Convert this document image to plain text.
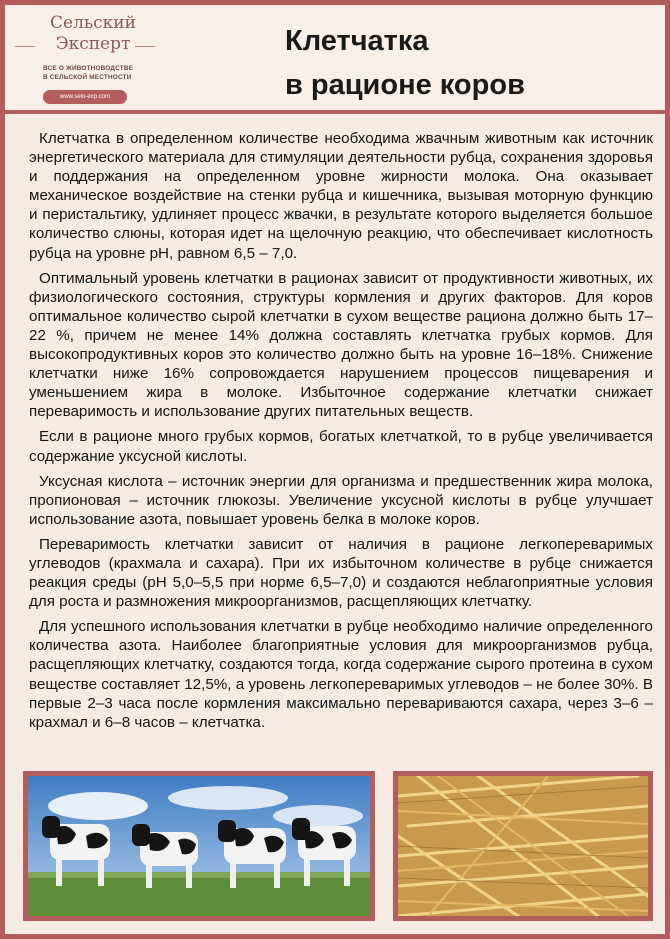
Сельский
Эксперт
ВСЕ О ЖИВОТНОВОДСТВЕ
В СЕЛЬСКОЙ МЕСТНОСТИ
www.selo-exp.com
Клетчатка
в рационе коров

Клетчатка в определенном количестве необходима жвачным животным как источник энергетического материала для стимуляции деятельности рубца, сохранения здоровья и поддержания на определенном уровне жирности молока. Она оказывает механическое воздействие на стенки рубца и кишечника, вызывая моторную функцию и перистальтику, удлиняет процесс жвачки, в результате которого выделяется большое количество слюны, которая идет на щелочную реакцию, что обеспечивает кислотность рубца на уровне рН, равном 6,5 – 7,0.

Оптимальный уровень клетчатки в рационах зависит от продуктивности животных, их физиологического состояния, структуры кормления и других факторов. Для коров оптимальное количество сырой клетчатки в сухом веществе рациона должно быть 17–22 %, причем не менее 14% должна составлять клетчатка грубых кормов. Для высокопродуктивных коров это количество должно быть на уровне 16–18%. Снижение клетчатки ниже 16% сопровождается нарушением процессов пищеварения и уменьшением жира в молоке. Избыточное содержание клетчатки снижает переваримость и использование других питательных веществ.

Если в рационе много грубых кормов, богатых клетчаткой, то в рубце увеличивается содержание уксусной кислоты.

Уксусная кислота – источник энергии для организма и предшественник жира молока, пропионовая – источник глюкозы. Увеличение уксусной кислоты в рубце улучшает использование азота, повышает уровень белка в молоке коров.

Переваримость клетчатки зависит от наличия в рационе легкопереваримых углеводов (крахмала и сахара). При их избыточном количестве в рубце снижается реакция среды (рН 5,0–5,5 при норме 6,5–7,0) и создаются неблагоприятные условия для роста и размножения микроорганизмов, расщепляющих клетчатку.

Для успешного использования клетчатки в рубце необходимо наличие определенного количества азота. Наиболее благоприятные условия для микроорганизмов рубца, расщепляющих клетчатку, создаются тогда, когда содержание сырого протеина в сухом веществе составляет 12,5%, а уровень легкопереваримых углеводов – не более 30%. В первые 2–3 часа после кормления максимально перевариваются сахара, через 3–6 – крахмал и 6–8 часов – клетчатка.
